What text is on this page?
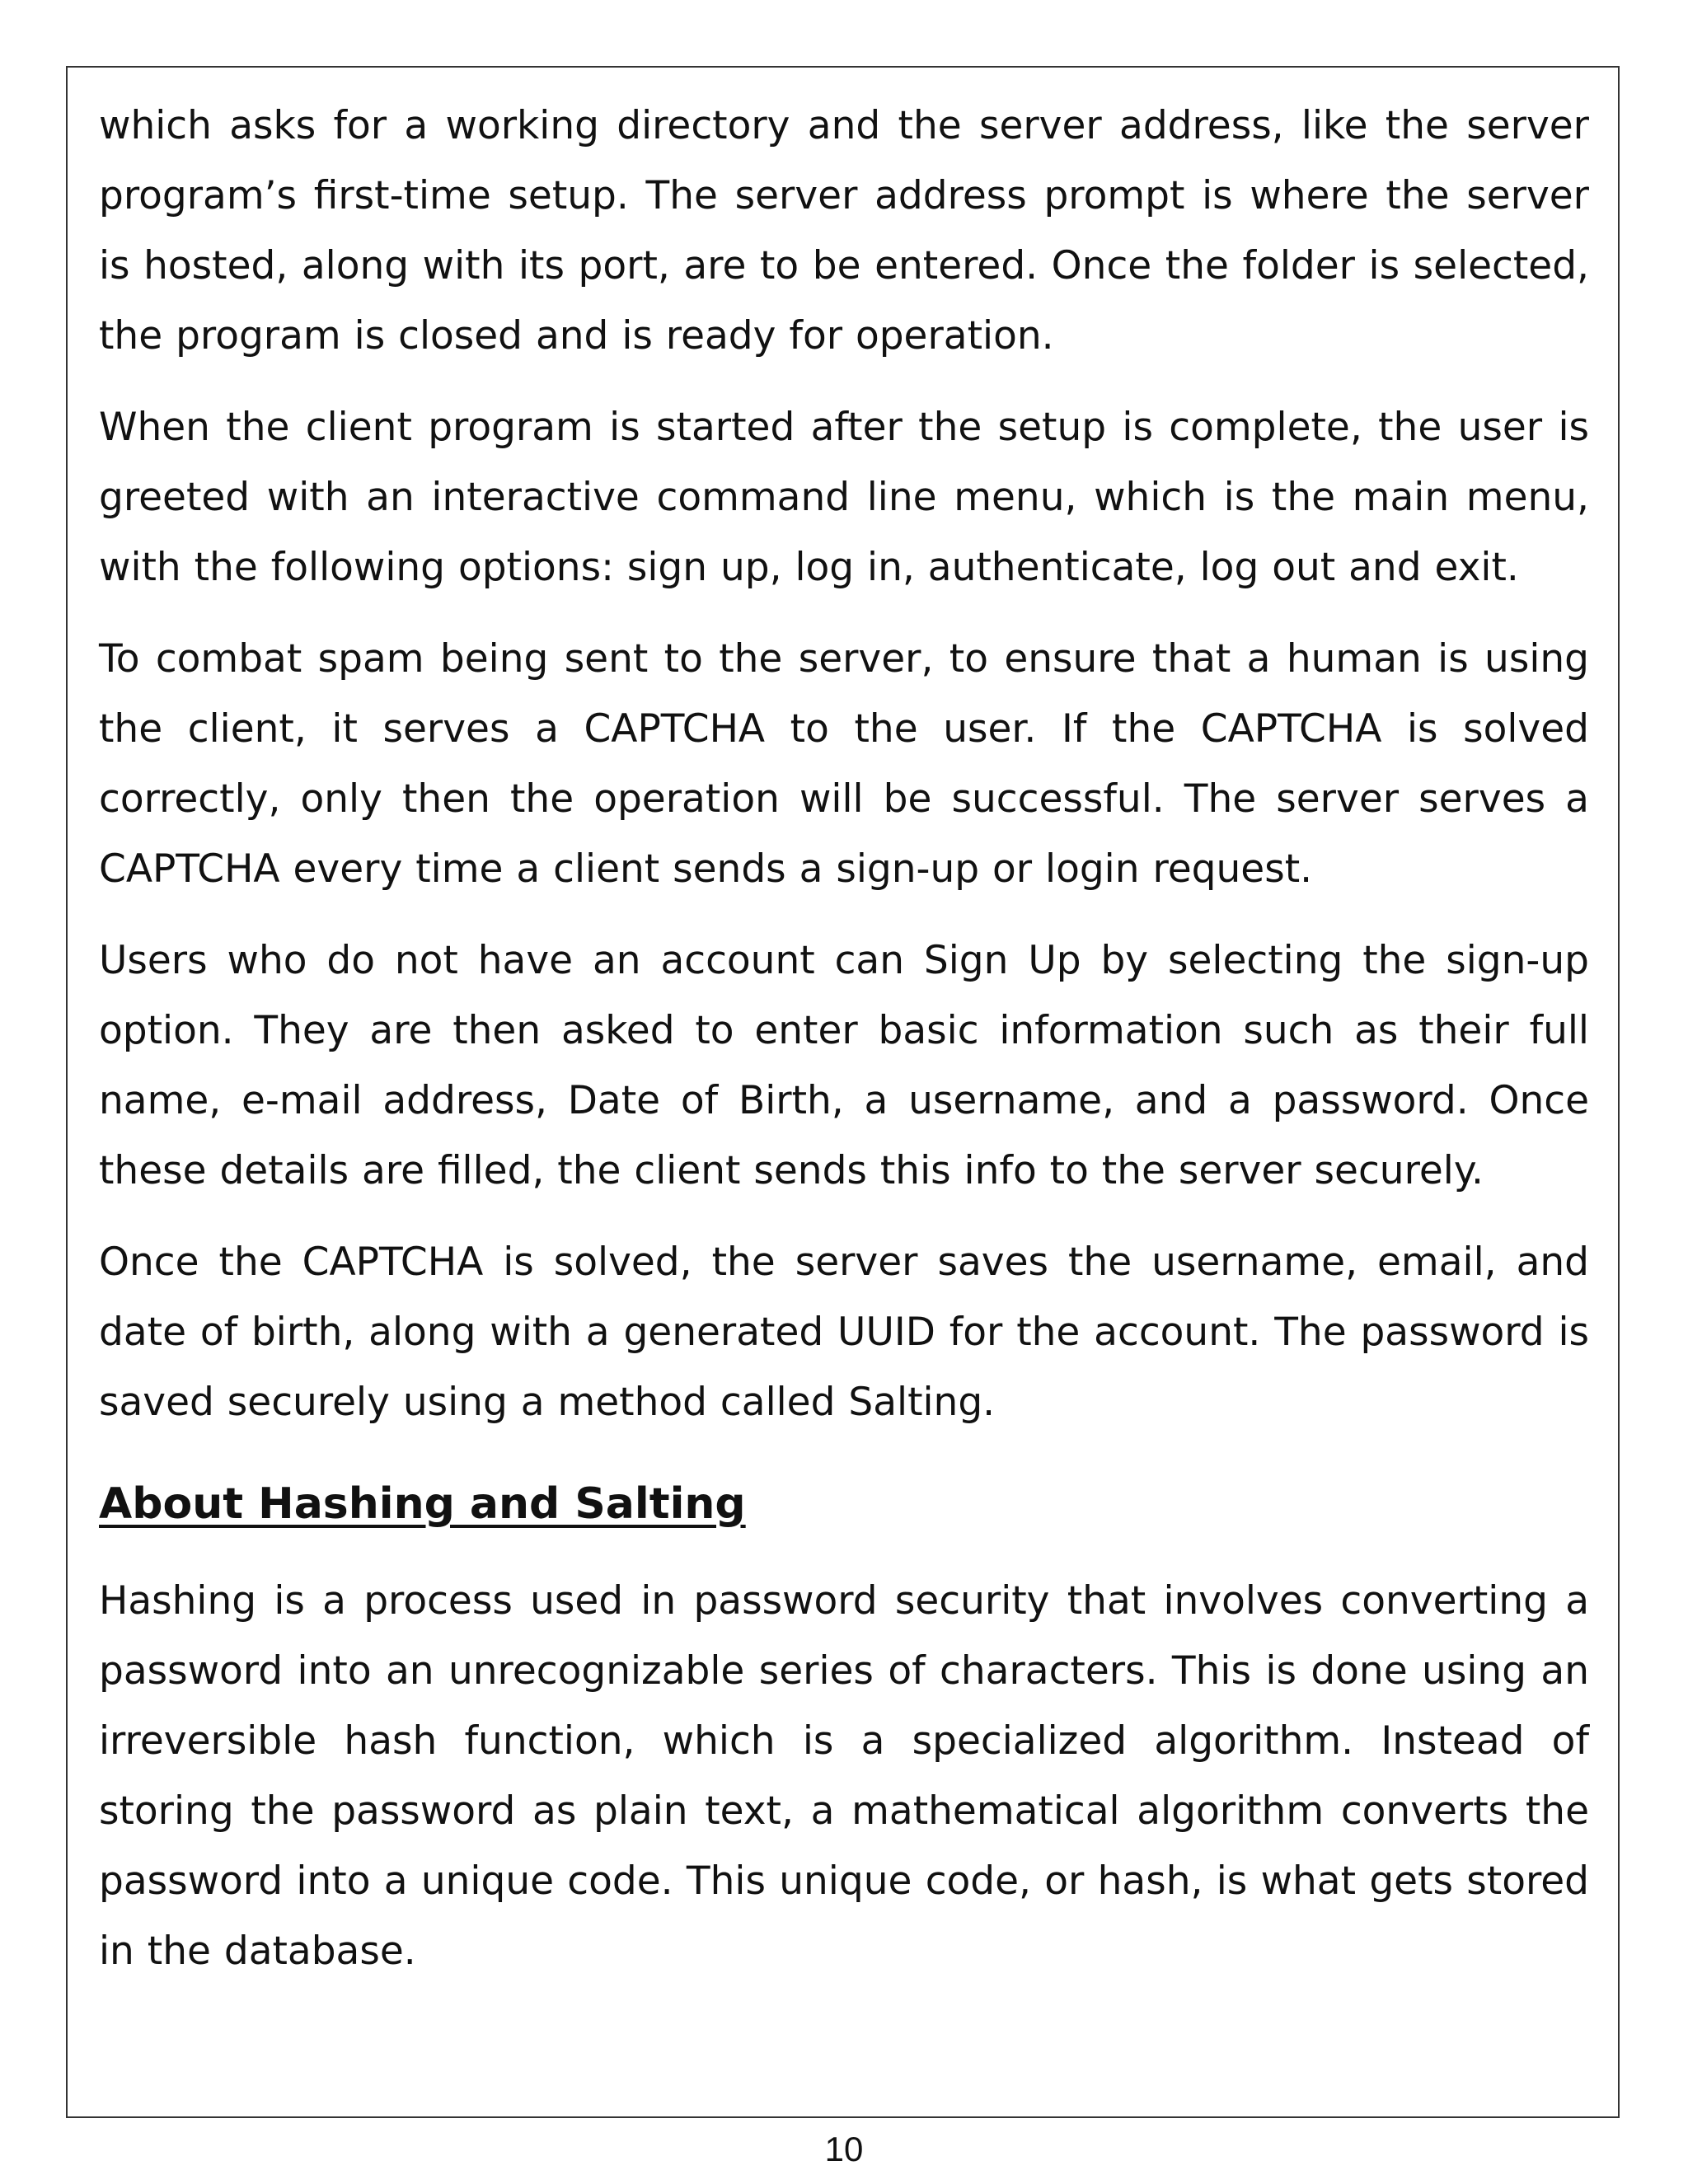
which asks for a working directory and the server address, like the server program’s first-time setup. The server address prompt is where the server is hosted, along with its port, are to be entered. Once the folder is selected, the program is closed and is ready for operation.

When the client program is started after the setup is complete, the user is greeted with an interactive command line menu, which is the main menu, with the following options: sign up, log in, authenticate, log out and exit.

To combat spam being sent to the server, to ensure that a human is using the client, it serves a CAPTCHA to the user. If the CAPTCHA is solved correctly, only then the operation will be successful. The server serves a CAPTCHA every time a client sends a sign-up or login request.

Users who do not have an account can Sign Up by selecting the sign-up option. They are then asked to enter basic information such as their full name, e-mail address, Date of Birth, a username, and a password. Once these details are filled, the client sends this info to the server securely.

Once the CAPTCHA is solved, the server saves the username, email, and date of birth, along with a generated UUID for the account. The password is saved securely using a method called Salting.

About Hashing and Salting

Hashing is a process used in password security that involves converting a password into an unrecognizable series of characters. This is done using an irreversible hash function, which is a specialized algorithm. Instead of storing the password as plain text, a mathematical algorithm converts the password into a unique code. This unique code, or hash, is what gets stored in the database.

10
